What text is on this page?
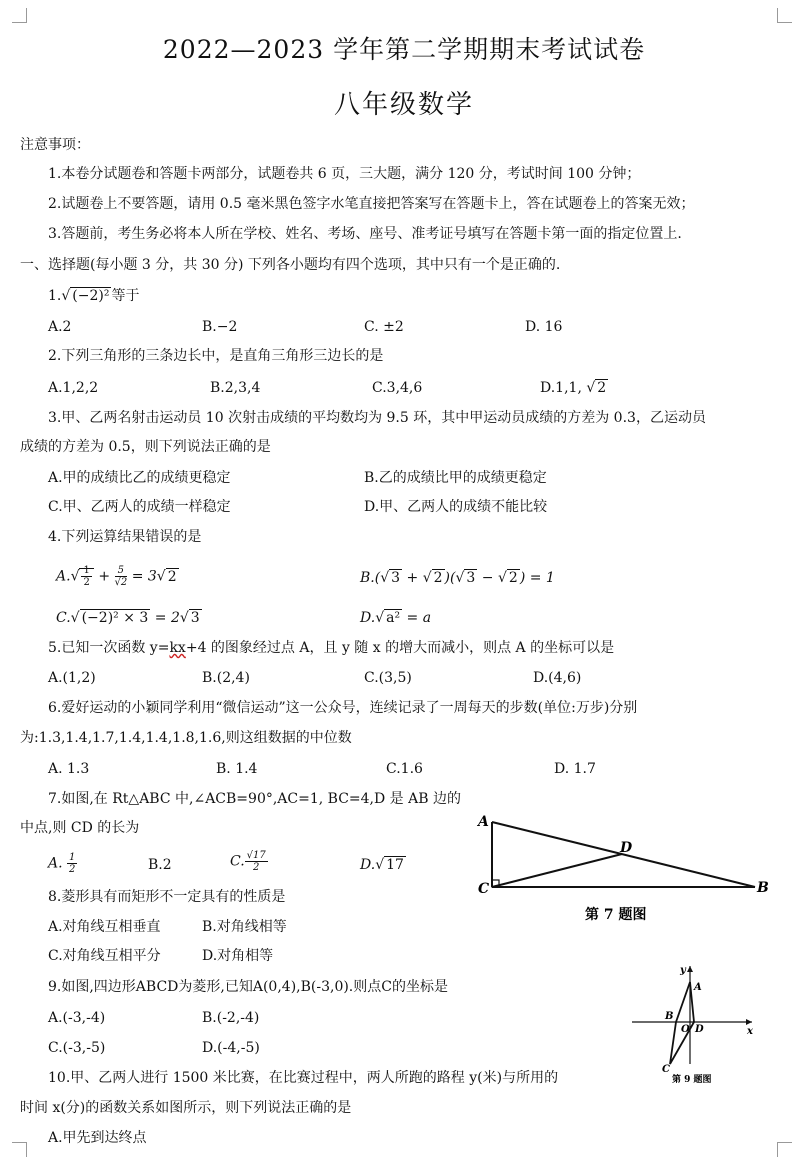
2022—2023 学年第二学期期末考试试卷
八年级数学
注意事项：
1.本卷分试题卷和答题卡两部分，试题卷共 6 页，三大题，满分 120 分，考试时间 100 分钟；
2.试题卷上不要答题，请用 0.5 毫米黑色签字水笔直接把答案写在答题卡上，答在试题卷上的答案无效；
3.答题前，考生务必将本人所在学校、姓名、考场、座号、准考证号填写在答题卡第一面的指定位置上.
一、选择题(每小题 3 分，共 30 分) 下列各小题均有四个选项，其中只有一个是正确的.
1.√ (−2)² 等于
A.2	B.−2	C. ±2	D. 16
2.下列三角形的三条边长中，是直角三角形三边长的是
A.1,2,2	B.2,3,4	C.3,4,6	D.1,1, √ 2
3.甲、乙两名射击运动员 10 次射击成绩的平均数均为 9.5 环，其中甲运动员成绩的方差为 0.3，乙运动员
成绩的方差为 0.5，则下列说法正确的是
A.甲的成绩比乙的成绩更稳定	B.乙的成绩比甲的成绩更稳定
C.甲、乙两人的成绩一样稳定	D.甲、乙两人的成绩不能比较
4.下列运算结果错误的是
$A.√ \frac{1}{2} + \frac{5}{√2} = 3√$ 2	B.(√ 3 + √ 2 )(√ 3 − √ 2 ) = 1
C.√ (−2)² × 3 = 2√ 3	D.√ a² = a
5.已知一次函数 y=kx+4 的图象经过点 A，且 y 随 x 的增大而减小，则点 A 的坐标可以是
A.(1,2)	B.(2,4)	C.(3,5)	D.(4,6)
6.爱好运动的小颖同学利用“微信运动”这一公众号，连续记录了一周每天的步数(单位:万步)分别
为:1.3,1.4,1.7,1.4,1.4,1.8,1.6,则这组数据的中位数
A. 1.3	B. 1.4	C.1.6	D. 1.7
7.如图,在 Rt△ABC 中,∠ACB=90°,AC=1, BC=4,D 是 AB 边的
中点,则 CD 的长为
A. $\frac{1}{2}$	B.2	C. $\frac{√17}{2}$	D.√ 17
A
B
C
D
第 7 题图
8.菱形具有而矩形不一定具有的性质是
A.对角线互相垂直	B.对角线相等
C.对角线互相平分	D.对角相等
9.如图,四边形ABCD为菱形,已知A(0,4),B(-3,0).则点C的坐标是
A.(-3,-4)	B.(-2,-4)
C.(-3,-5)	D.(-4,-5)
y
A
B
O D	x
C
第 9 题图
10.甲、乙两人进行 1500 米比赛，在比赛过程中，两人所跑的路程 y(米)与所用的
时间 x(分)的函数关系如图所示，则下列说法正确的是
A.甲先到达终点
